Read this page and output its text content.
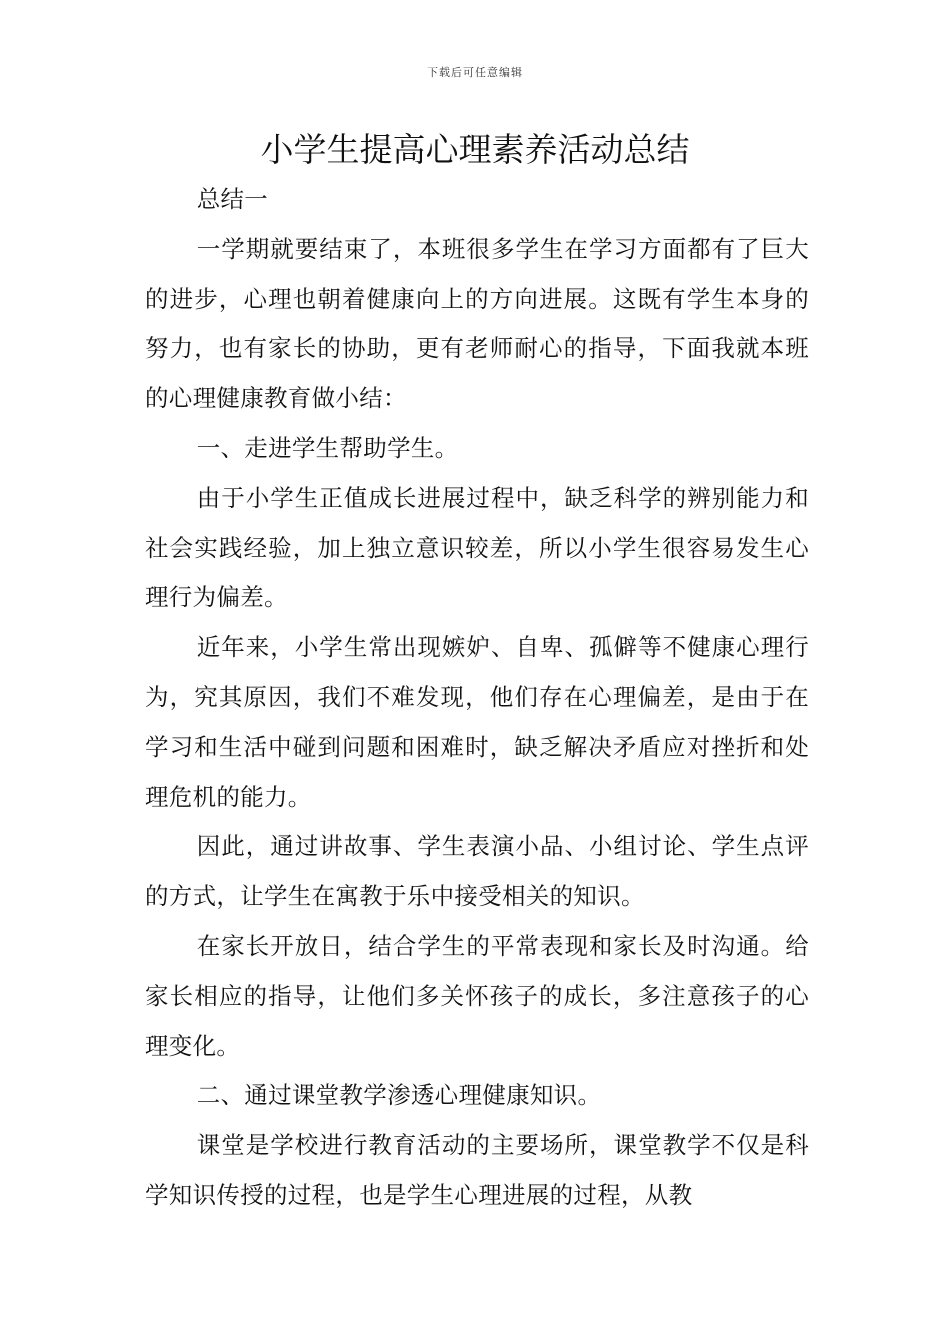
下载后可任意编辑
小学生提高心理素养活动总结

总结一

一学期就要结束了，本班很多学生在学习方面都有了巨大的进步，心理也朝着健康向上的方向进展。这既有学生本身的努力，也有家长的协助，更有老师耐心的指导，下面我就本班的心理健康教育做小结：

一、走进学生帮助学生。

由于小学生正值成长进展过程中，缺乏科学的辨别能力和社会实践经验，加上独立意识较差，所以小学生很容易发生心理行为偏差。

近年来，小学生常出现嫉妒、自卑、孤僻等不健康心理行为，究其原因，我们不难发现，他们存在心理偏差，是由于在学习和生活中碰到问题和困难时，缺乏解决矛盾应对挫折和处理危机的能力。

因此，通过讲故事、学生表演小品、小组讨论、学生点评的方式，让学生在寓教于乐中接受相关的知识。

在家长开放日，结合学生的平常表现和家长及时沟通。给家长相应的指导，让他们多关怀孩子的成长，多注意孩子的心理变化。

二、通过课堂教学渗透心理健康知识。

课堂是学校进行教育活动的主要场所，课堂教学不仅是科学知识传授的过程，也是学生心理进展的过程，从教
